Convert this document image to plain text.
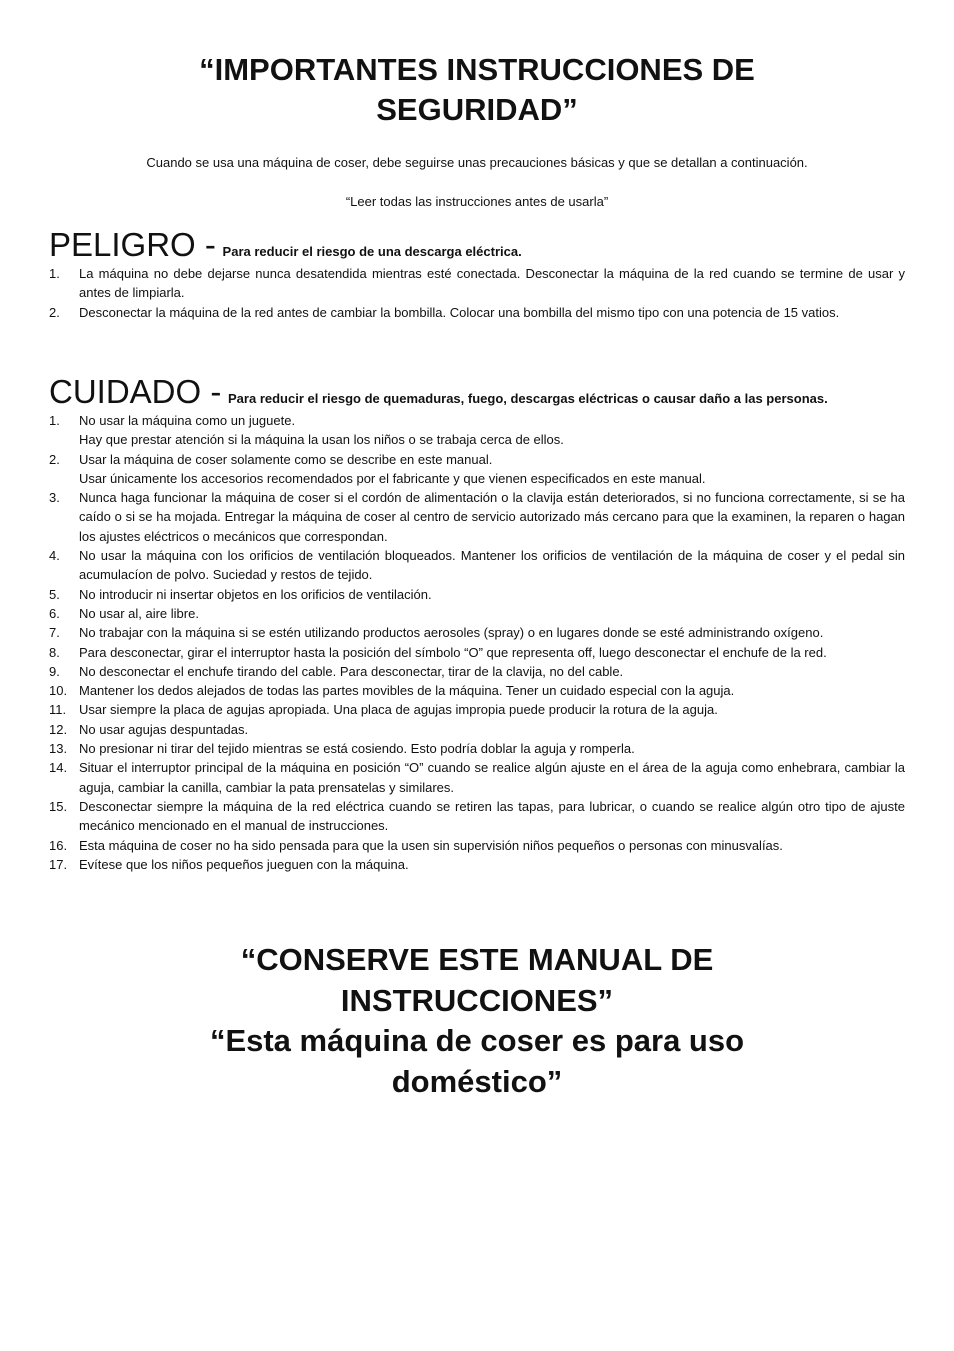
“IMPORTANTES INSTRUCCIONES DE
SEGURIDAD”

Cuando se usa una máquina de coser, debe seguirse unas precauciones básicas y que se detallan a continuación.

“Leer todas las instrucciones antes de usarla”

PELIGRO - Para reducir el riesgo de una descarga eléctrica.
1.	La máquina no debe dejarse nunca desatendida mientras esté conectada. Desconectar la máquina de la red cuando se termine de usar y antes de limpiarla.
2.	Desconectar la máquina de la red antes de cambiar la bombilla. Colocar una bombilla del mismo tipo con una potencia de 15 vatios.
CUIDADO - Para reducir el riesgo de quemaduras, fuego, descargas eléctricas o causar daño a las personas.
1.	No usar la máquina como un juguete.
Hay que prestar atención si la máquina la usan los niños o se trabaja cerca de ellos.
2.	Usar la máquina de coser solamente como se describe en este manual.
Usar únicamente los accesorios recomendados por el fabricante y que vienen especificados en este manual.
3.	Nunca haga funcionar la máquina de coser si el cordón de alimentación o la clavija están deteriorados, si no funciona correctamente, si se ha caído o si se ha mojada. Entregar la máquina de coser al centro de servicio autorizado más cercano para que la examinen, la reparen o hagan los ajustes eléctricos o mecánicos que correspondan.
4.	No usar la máquina con los orificios de ventilación bloqueados. Mantener los orificios de ventilación de la máquina de coser y el pedal sin acumulacíon de polvo. Suciedad y restos de tejido.
5.	No introducir ni insertar objetos en los orificios de ventilación.
6.	No usar al, aire libre.
7.	No trabajar con la máquina si se estén utilizando productos aerosoles (spray) o en lugares donde se esté administrando oxígeno.
8.	Para desconectar, girar el interruptor hasta la posición del símbolo “O” que representa off, luego desconectar el enchufe de la red.
9.	No desconectar el enchufe tirando del cable. Para desconectar, tirar de la clavija, no del cable.
10. Mantener los dedos alejados de todas las partes movibles de la máquina. Tener un cuidado especial con la aguja.
11. Usar siempre la placa de agujas apropiada. Una placa de agujas impropia puede producir la rotura de la aguja.
12. No usar agujas despuntadas.
13. No presionar ni tirar del tejido mientras se está cosiendo. Esto podría doblar la aguja y romperla.
14. Situar el interruptor principal de la máquina en posición “O” cuando se realice algún ajuste en el área de la aguja como enhebrara, cambiar la aguja, cambiar la canilla, cambiar la pata prensatelas y similares.
15. Desconectar siempre la máquina de la red eléctrica cuando se retiren las tapas, para lubricar, o cuando se realice algún otro tipo de ajuste mecánico mencionado en el manual de instrucciones.
16. Esta máquina de coser no ha sido pensada para que la usen sin supervisión niños pequeños o personas con minusvalías.
17. Evítese que los niños pequeños jueguen con la máquina.
“CONSERVE ESTE MANUAL DE
INSTRUCCIONES”
“Esta máquina de coser es para uso
doméstico”
